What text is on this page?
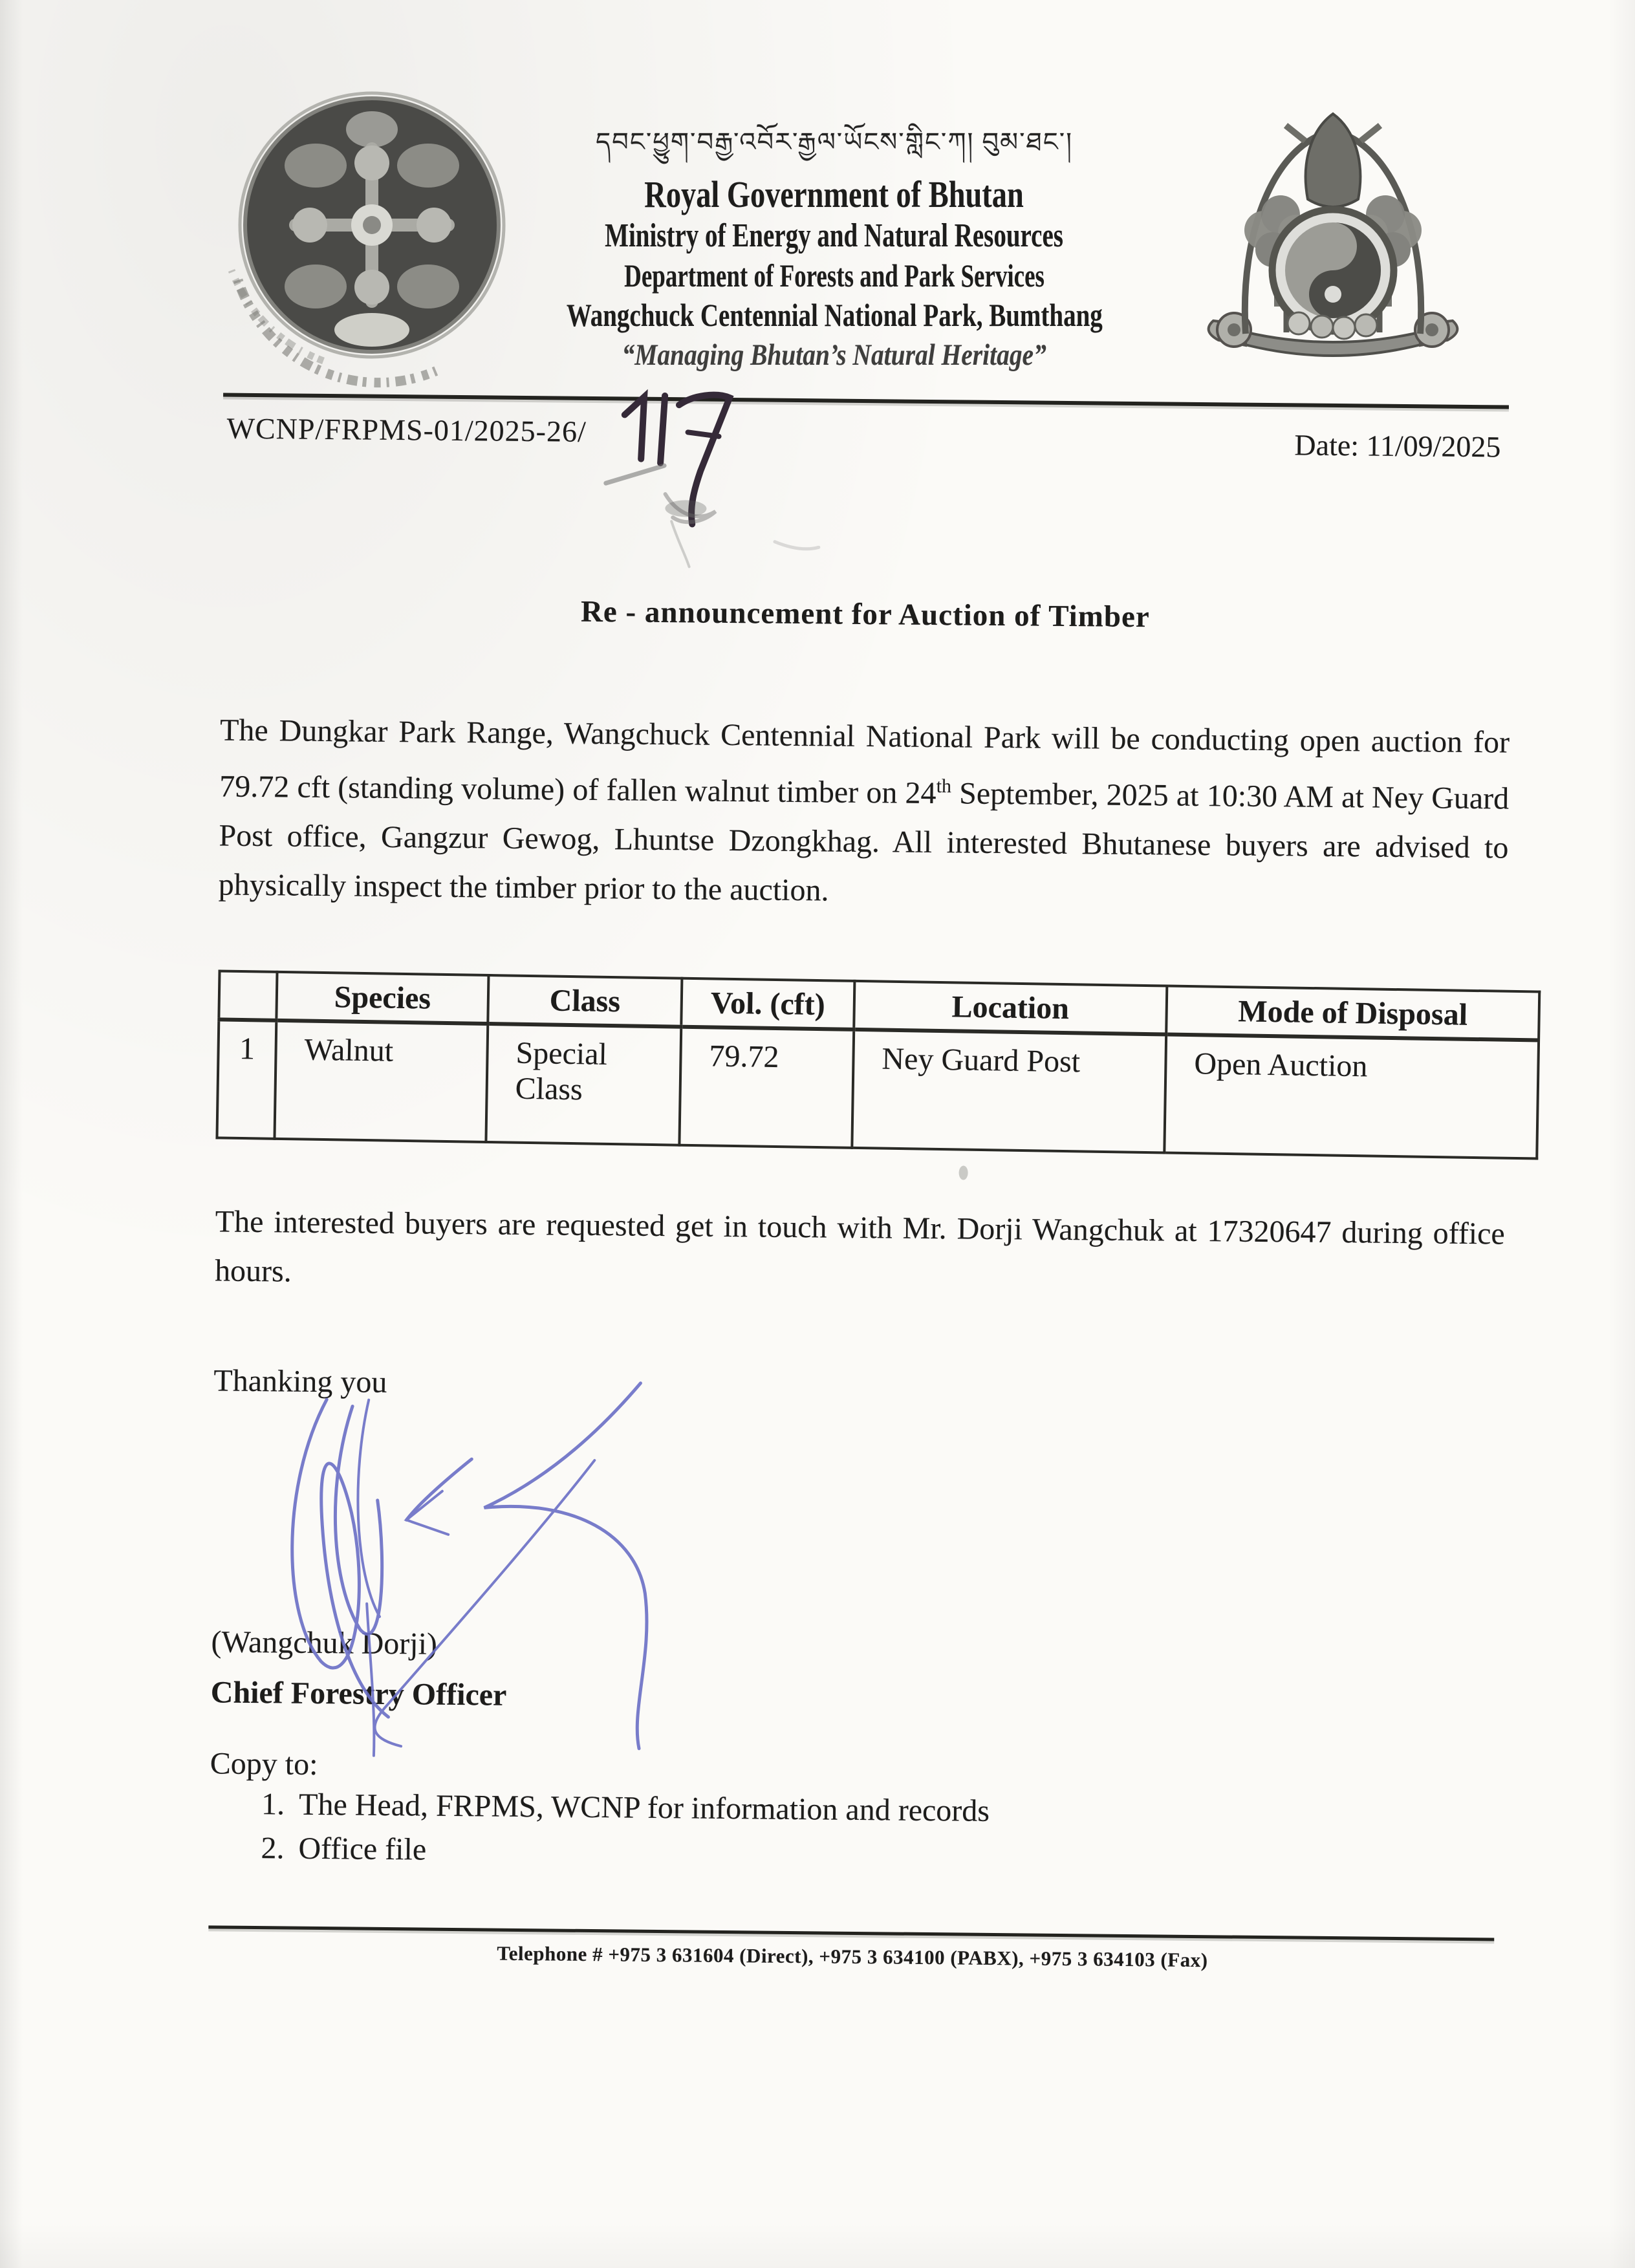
དབང་ཕྱུག་བརྒྱ་འབོར་རྒྱལ་ཡོངས་གླིང་ཀ། བུམ་ཐང་།
Royal Government of Bhutan
Ministry of Energy and Natural Resources
Department of Forests and Park Services
Wangchuck Centennial National Park, Bumthang
“Managing Bhutan’s Natural Heritage”
WCNP/FRPMS-01/2025-26/	Date: 11/09/2025
Re - announcement for Auction of Timber

The Dungkar Park Range, Wangchuck Centennial National Park will be conducting open auction for 79.72 cft (standing volume) of fallen walnut timber on 24th September, 2025 at 10:30 AM at Ney Guard Post office, Gangzur Gewog, Lhuntse Dzongkhag. All interested Bhutanese buyers are advised to physically inspect the timber prior to the auction.

	Species	Class	Vol. (cft)	Location	Mode of Disposal
1	Walnut	Special Class	79.72	Ney Guard Post	Open Auction

The interested buyers are requested get in touch with Mr. Dorji Wangchuk at 17320647 during office hours.

Thanking you
(Wangchuk Dorji)
Chief Forestry Officer
Copy to:
1. The Head, FRPMS, WCNP for information and records
2. Office file
Telephone # +975 3 631604 (Direct), +975 3 634100 (PABX), +975 3 634103 (Fax)
